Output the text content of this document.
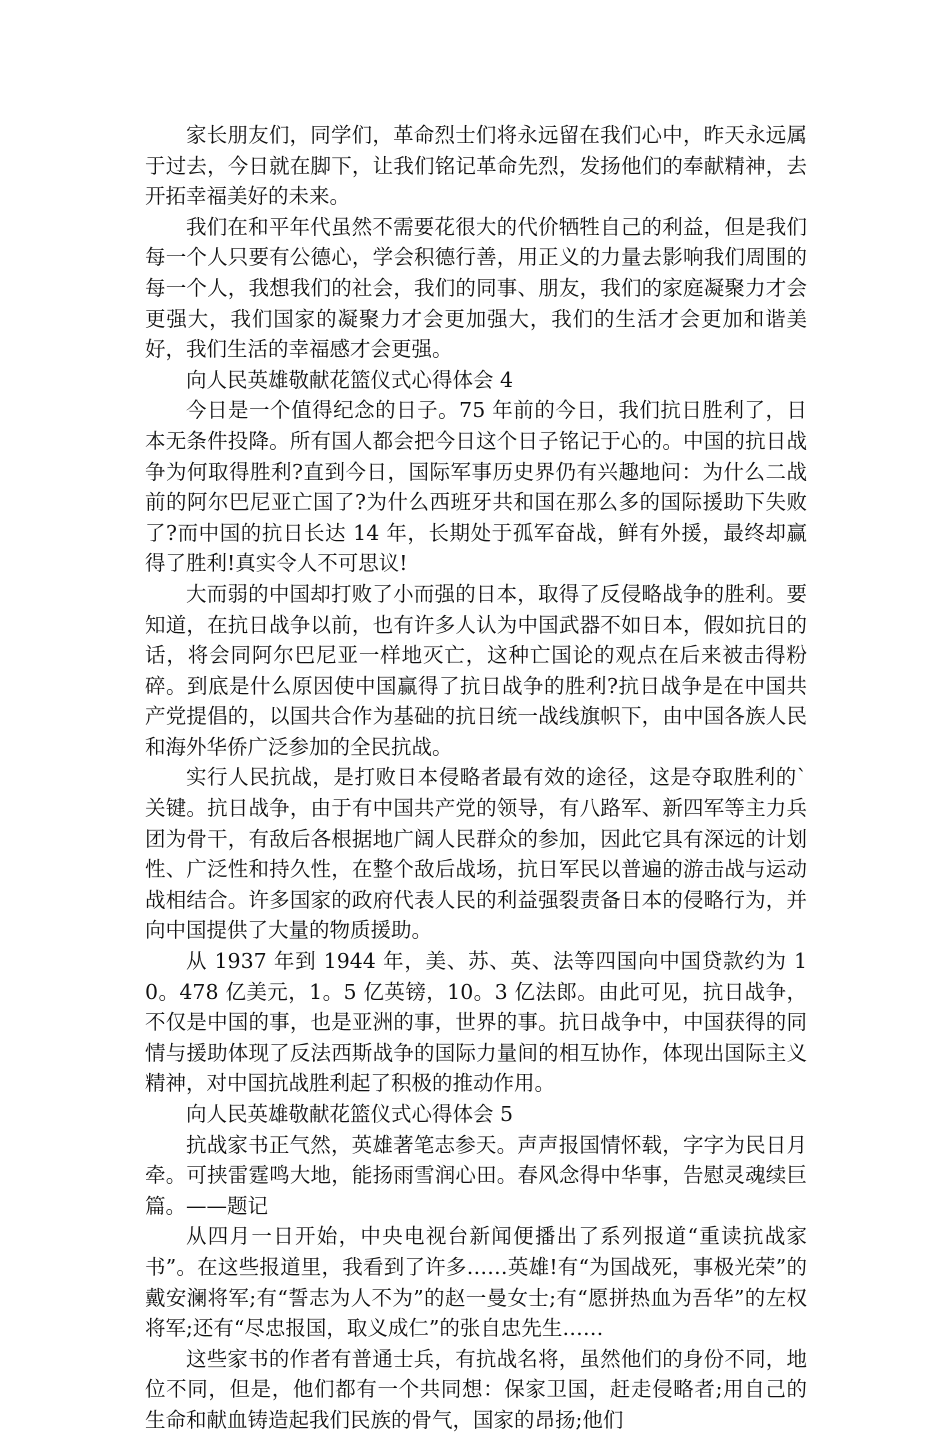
家长朋友们，同学们，革命烈士们将永远留在我们心中，昨天永远属于过去，今日就在脚下，让我们铭记革命先烈，发扬他们的奉献精神，去开拓幸福美好的未来。

我们在和平年代虽然不需要花很大的代价牺牲自己的利益，但是我们每一个人只要有公德心，学会积德行善，用正义的力量去影响我们周围的每一个人，我想我们的社会，我们的同事、朋友，我们的家庭凝聚力才会更强大，我们国家的凝聚力才会更加强大，我们的生活才会更加和谐美好，我们生活的幸福感才会更强。

向人民英雄敬献花篮仪式心得体会 4

今日是一个值得纪念的日子。75 年前的今日，我们抗日胜利了，日本无条件投降。所有国人都会把今日这个日子铭记于心的。中国的抗日战争为何取得胜利?直到今日，国际军事历史界仍有兴趣地问：为什么二战前的阿尔巴尼亚亡国了?为什么西班牙共和国在那么多的国际援助下失败了?而中国的抗日长达 14 年，长期处于孤军奋战，鲜有外援，最终却赢得了胜利!真实令人不可思议!

大而弱的中国却打败了小而强的日本，取得了反侵略战争的胜利。要知道，在抗日战争以前，也有许多人认为中国武器不如日本，假如抗日的话，将会同阿尔巴尼亚一样地灭亡，这种亡国论的观点在后来被击得粉碎。到底是什么原因使中国赢得了抗日战争的胜利?抗日战争是在中国共产党提倡的，以国共合作为基础的抗日统一战线旗帜下，由中国各族人民和海外华侨广泛参加的全民抗战。

实行人民抗战，是打败日本侵略者最有效的途径，这是夺取胜利的`关键。抗日战争，由于有中国共产党的领导，有八路军、新四军等主力兵团为骨干，有敌后各根据地广阔人民群众的参加，因此它具有深远的计划性、广泛性和持久性，在整个敌后战场，抗日军民以普遍的游击战与运动战相结合。许多国家的政府代表人民的利益强裂责备日本的侵略行为，并向中国提供了大量的物质援助。

从 1937 年到 1944 年，美、苏、英、法等四国向中国贷款约为 10。478 亿美元，1。5 亿英镑，10。3 亿法郎。由此可见，抗日战争，不仅是中国的事，也是亚洲的事，世界的事。抗日战争中，中国获得的同情与援助体现了反法西斯战争的国际力量间的相互协作，体现出国际主义精神，对中国抗战胜利起了积极的推动作用。

向人民英雄敬献花篮仪式心得体会 5

抗战家书正气然，英雄著笔志参天。声声报国情怀载，字字为民日月牵。可挟雷霆鸣大地，能扬雨雪润心田。春风念得中华事，告慰灵魂续巨篇。——题记

从四月一日开始，中央电视台新闻便播出了系列报道“重读抗战家书”。在这些报道里，我看到了许多……英雄!有“为国战死，事极光荣”的戴安澜将军;有“誓志为人不为”的赵一曼女士;有“愿拼热血为吾华”的左权将军;还有“尽忠报国，取义成仁”的张自忠先生……

这些家书的作者有普通士兵，有抗战名将，虽然他们的身份不同，地位不同，但是，他们都有一个共同想：保家卫国，赶走侵略者;用自己的生命和献血铸造起我们民族的骨气，国家的昂扬;他们
